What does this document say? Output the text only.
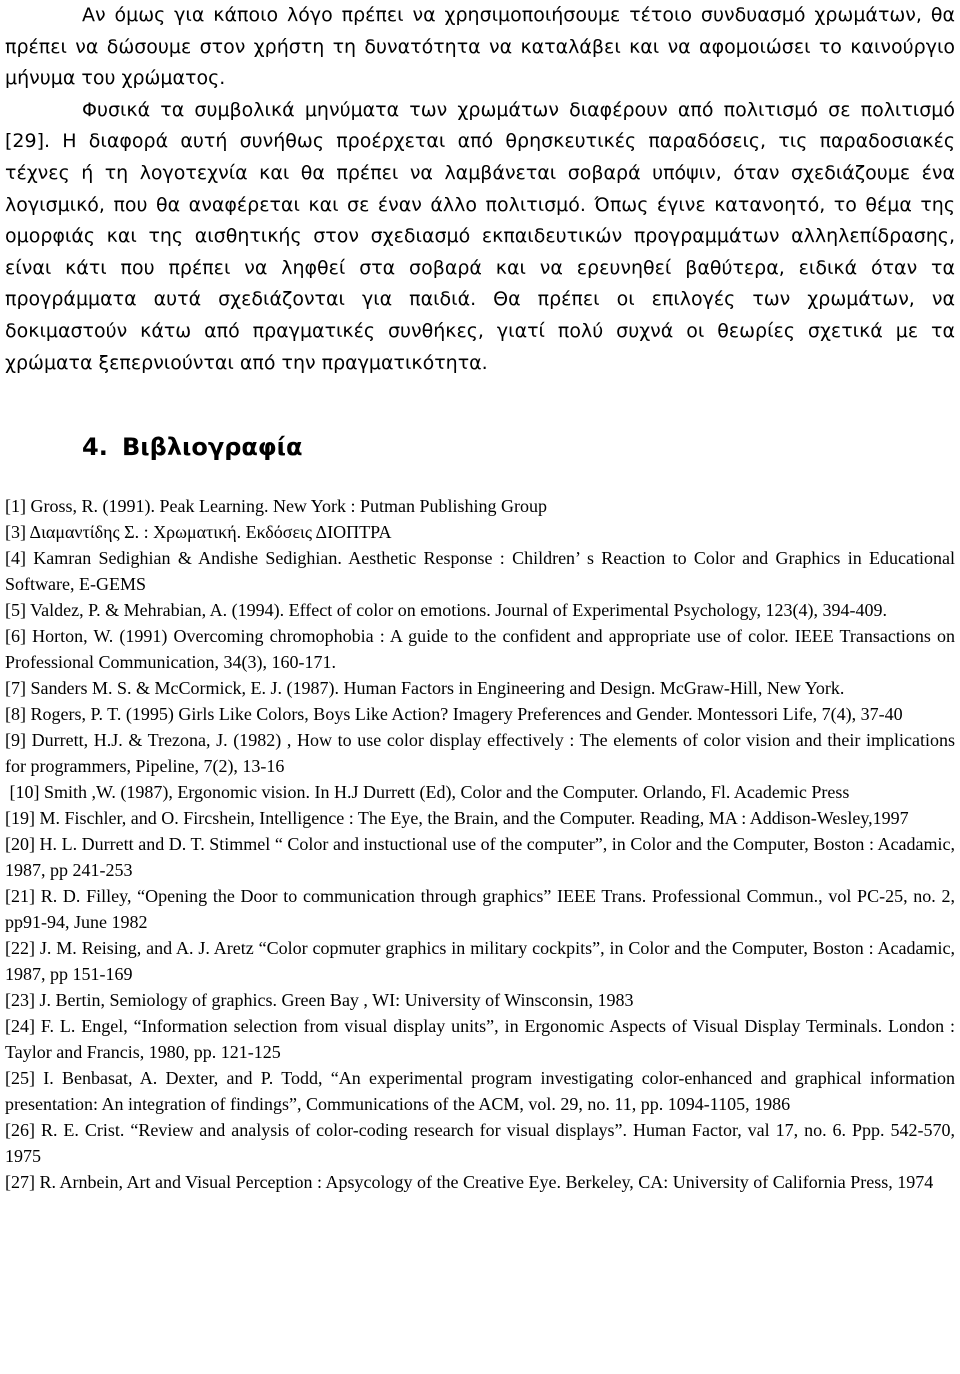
Αν όμως για κάποιο λόγο πρέπει να χρησιμοποιήσουμε τέτοιο συνδυασμό χρωμάτων, θα πρέπει να δώσουμε στον χρήστη τη δυνατότητα να καταλάβει και να αφομοιώσει το καινούργιο μήνυμα του χρώματος.

Φυσικά τα συμβολικά μηνύματα των χρωμάτων διαφέρουν από πολιτισμό σε πολιτισμό [29]. Η διαφορά αυτή συνήθως προέρχεται από θρησκευτικές παραδόσεις, τις παραδοσιακές τέχνες ή τη λογοτεχνία και θα πρέπει να λαμβάνεται σοβαρά υπόψιν, όταν σχεδιάζουμε ένα λογισμικό, που θα αναφέρεται και σε έναν άλλο πολιτισμό. Όπως έγινε κατανοητό, το θέμα της ομορφιάς και της αισθητικής στον σχεδιασμό εκπαιδευτικών προγραμμάτων αλληλεπίδρασης, είναι κάτι που πρέπει να ληφθεί στα σοβαρά και να ερευνηθεί βαθύτερα, ειδικά όταν τα προγράμματα αυτά σχεδιάζονται για παιδιά. Θα πρέπει οι επιλογές των χρωμάτων, να δοκιμαστούν κάτω από πραγματικές συνθήκες, γιατί πολύ συχνά οι θεωρίες σχετικά με τα χρώματα ξεπερνιούνται από την πραγματικότητα.

4. Βιβλιογραφία

[1] Gross, R. (1991). Peak Learning. New York : Putman Publishing Group

[3] Διαμαντίδης Σ. : Χρωματική. Εκδόσεις ΔΙΟΠΤΡΑ

[4] Kamran Sedighian & Andishe Sedighian. Aesthetic Response : Children’ s Reaction to Color and Graphics in Educational Software, E-GEMS

[5] Valdez, P. & Mehrabian, A. (1994). Effect of color on emotions. Journal of Experimental Psychology, 123(4), 394-409.

[6] Horton, W. (1991) Overcoming chromophobia : A guide to the confident and appropriate use of color. IEEE Transactions on Professional Communication, 34(3), 160-171.

[7] Sanders M. S. & McCormick, E. J. (1987). Human Factors in Engineering and Design. McGraw-Hill, New York.

[8] Rogers, P. T. (1995) Girls Like Colors, Boys Like Action? Imagery Preferences and Gender. Montessori Life, 7(4), 37-40

[9] Durrett, H.J. & Trezona, J. (1982) , How to use color display effectively : The elements of color vision and their implications for programmers, Pipeline, 7(2), 13-16

[10] Smith ,W. (1987), Ergonomic vision. In H.J Durrett (Ed), Color and the Computer. Orlando, Fl. Academic Press

[19] M. Fischler, and O. Fircshein, Intelligence : The Eye, the Brain, and the Computer. Reading, MA : Addison-Wesley,1997

[20] H. L. Durrett and D. T. Stimmel “ Color and instuctional use of the computer”, in Color and the Computer, Boston : Acadamic, 1987, pp 241-253

[21] R. D. Filley, “Opening the Door to communication through graphics” IEEE Trans. Professional Commun., vol PC-25, no. 2, pp91-94, June 1982

[22] J. M. Reising, and A. J. Aretz “Color copmuter graphics in military cockpits”, in Color and the Computer, Boston : Acadamic, 1987, pp 151-169

[23] J. Bertin, Semiology of graphics. Green Bay , WI: University of Winsconsin, 1983

[24] F. L. Engel, “Information selection from visual display units”, in Ergonomic Aspects of Visual Display Terminals. London : Taylor and Francis, 1980, pp. 121-125

[25] I. Benbasat, A. Dexter, and P. Todd, “An experimental program investigating color-enhanced and graphical information presentation: An integration of findings”, Communications of the ACM, vol. 29, no. 11, pp. 1094-1105, 1986

[26] R. E. Crist. “Review and analysis of color-coding research for visual displays”. Human Factor, val 17, no. 6. Ppp. 542-570, 1975

[27] R. Arnbein, Art and Visual Perception : Apsycology of the Creative Eye. Berkeley, CA: University of California Press, 1974
